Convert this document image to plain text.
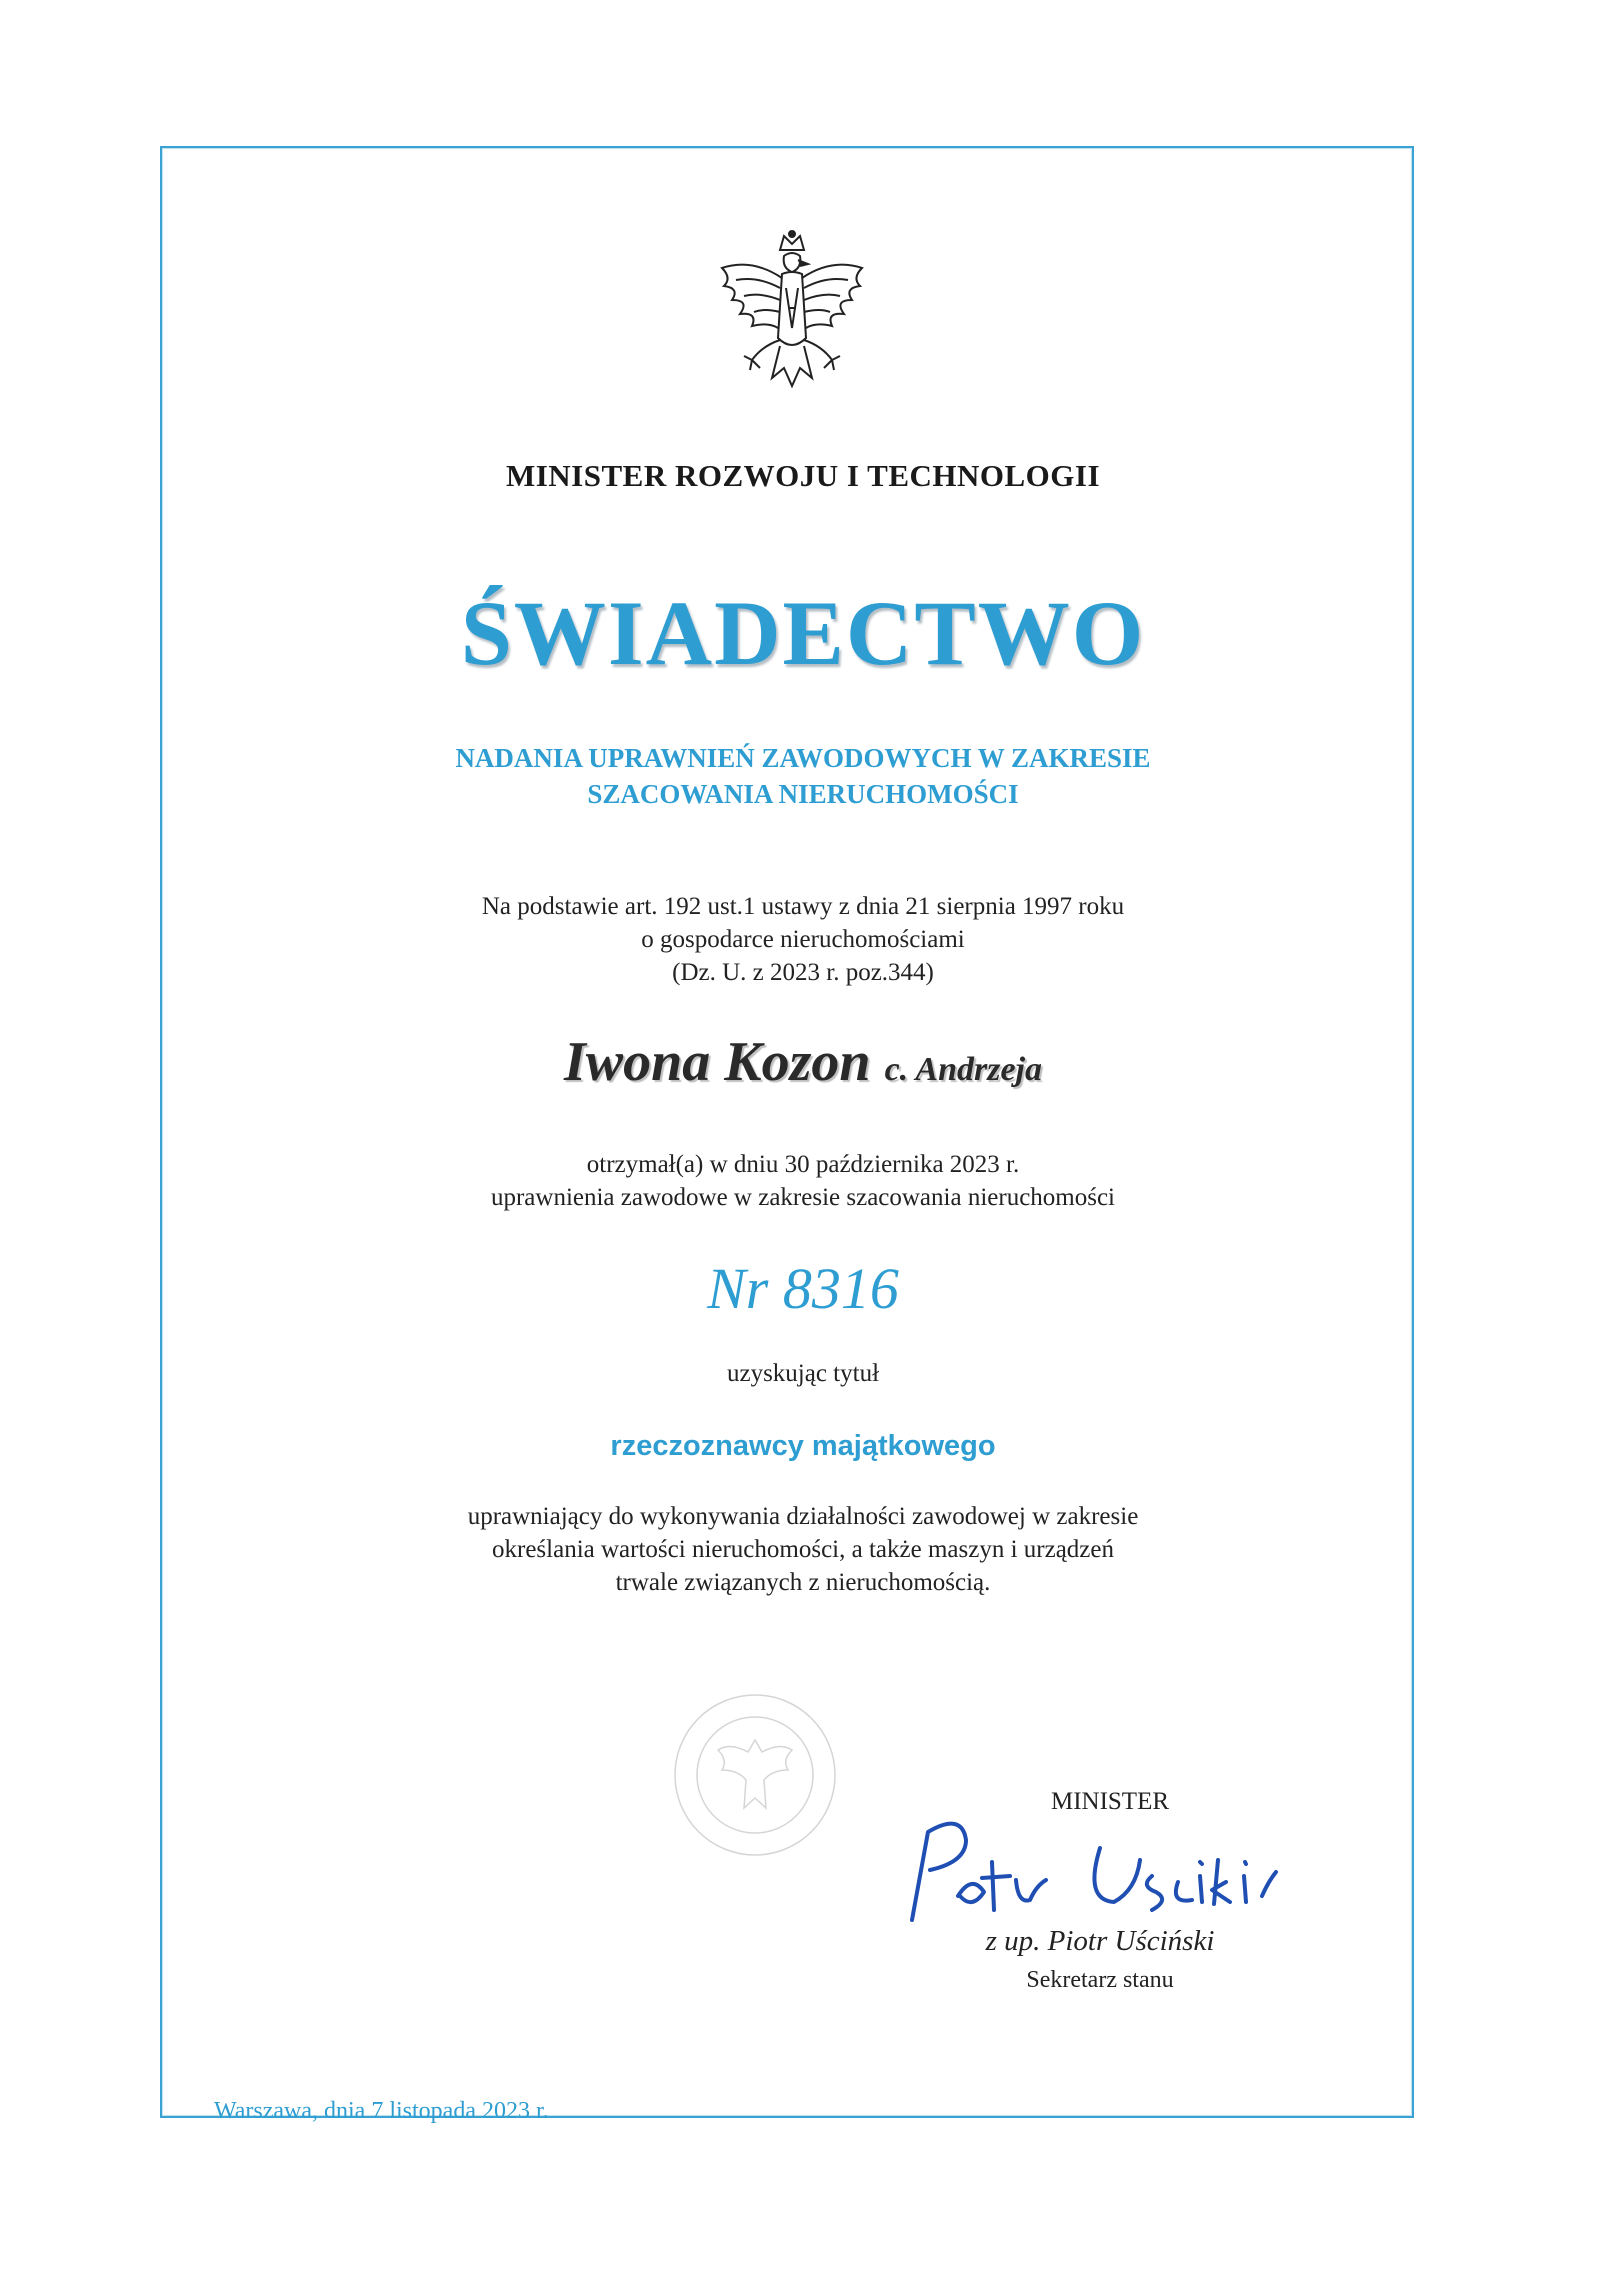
MINISTER ROZWOJU I TECHNOLOGII
ŚWIADECTWO
NADANIA UPRAWNIEŃ ZAWODOWYCH W ZAKRESIE
SZACOWANIA NIERUCHOMOŚCI
Na podstawie art. 192 ust.1 ustawy z dnia 21 sierpnia 1997 roku
o gospodarce nieruchomościami
(Dz. U. z 2023 r. poz.344)
Iwona Kozon c. Andrzeja
otrzymał(a) w dniu 30 października 2023 r.
uprawnienia zawodowe w zakresie szacowania nieruchomości
Nr 8316
uzyskując tytuł
rzeczoznawcy majątkowego
uprawniający do wykonywania działalności zawodowej w zakresie
określania wartości nieruchomości, a także maszyn i urządzeń
trwale związanych z nieruchomością.
MINISTER
z up. Piotr Uściński
Sekretarz stanu
Warszawa, dnia 7 listopada 2023 r.
